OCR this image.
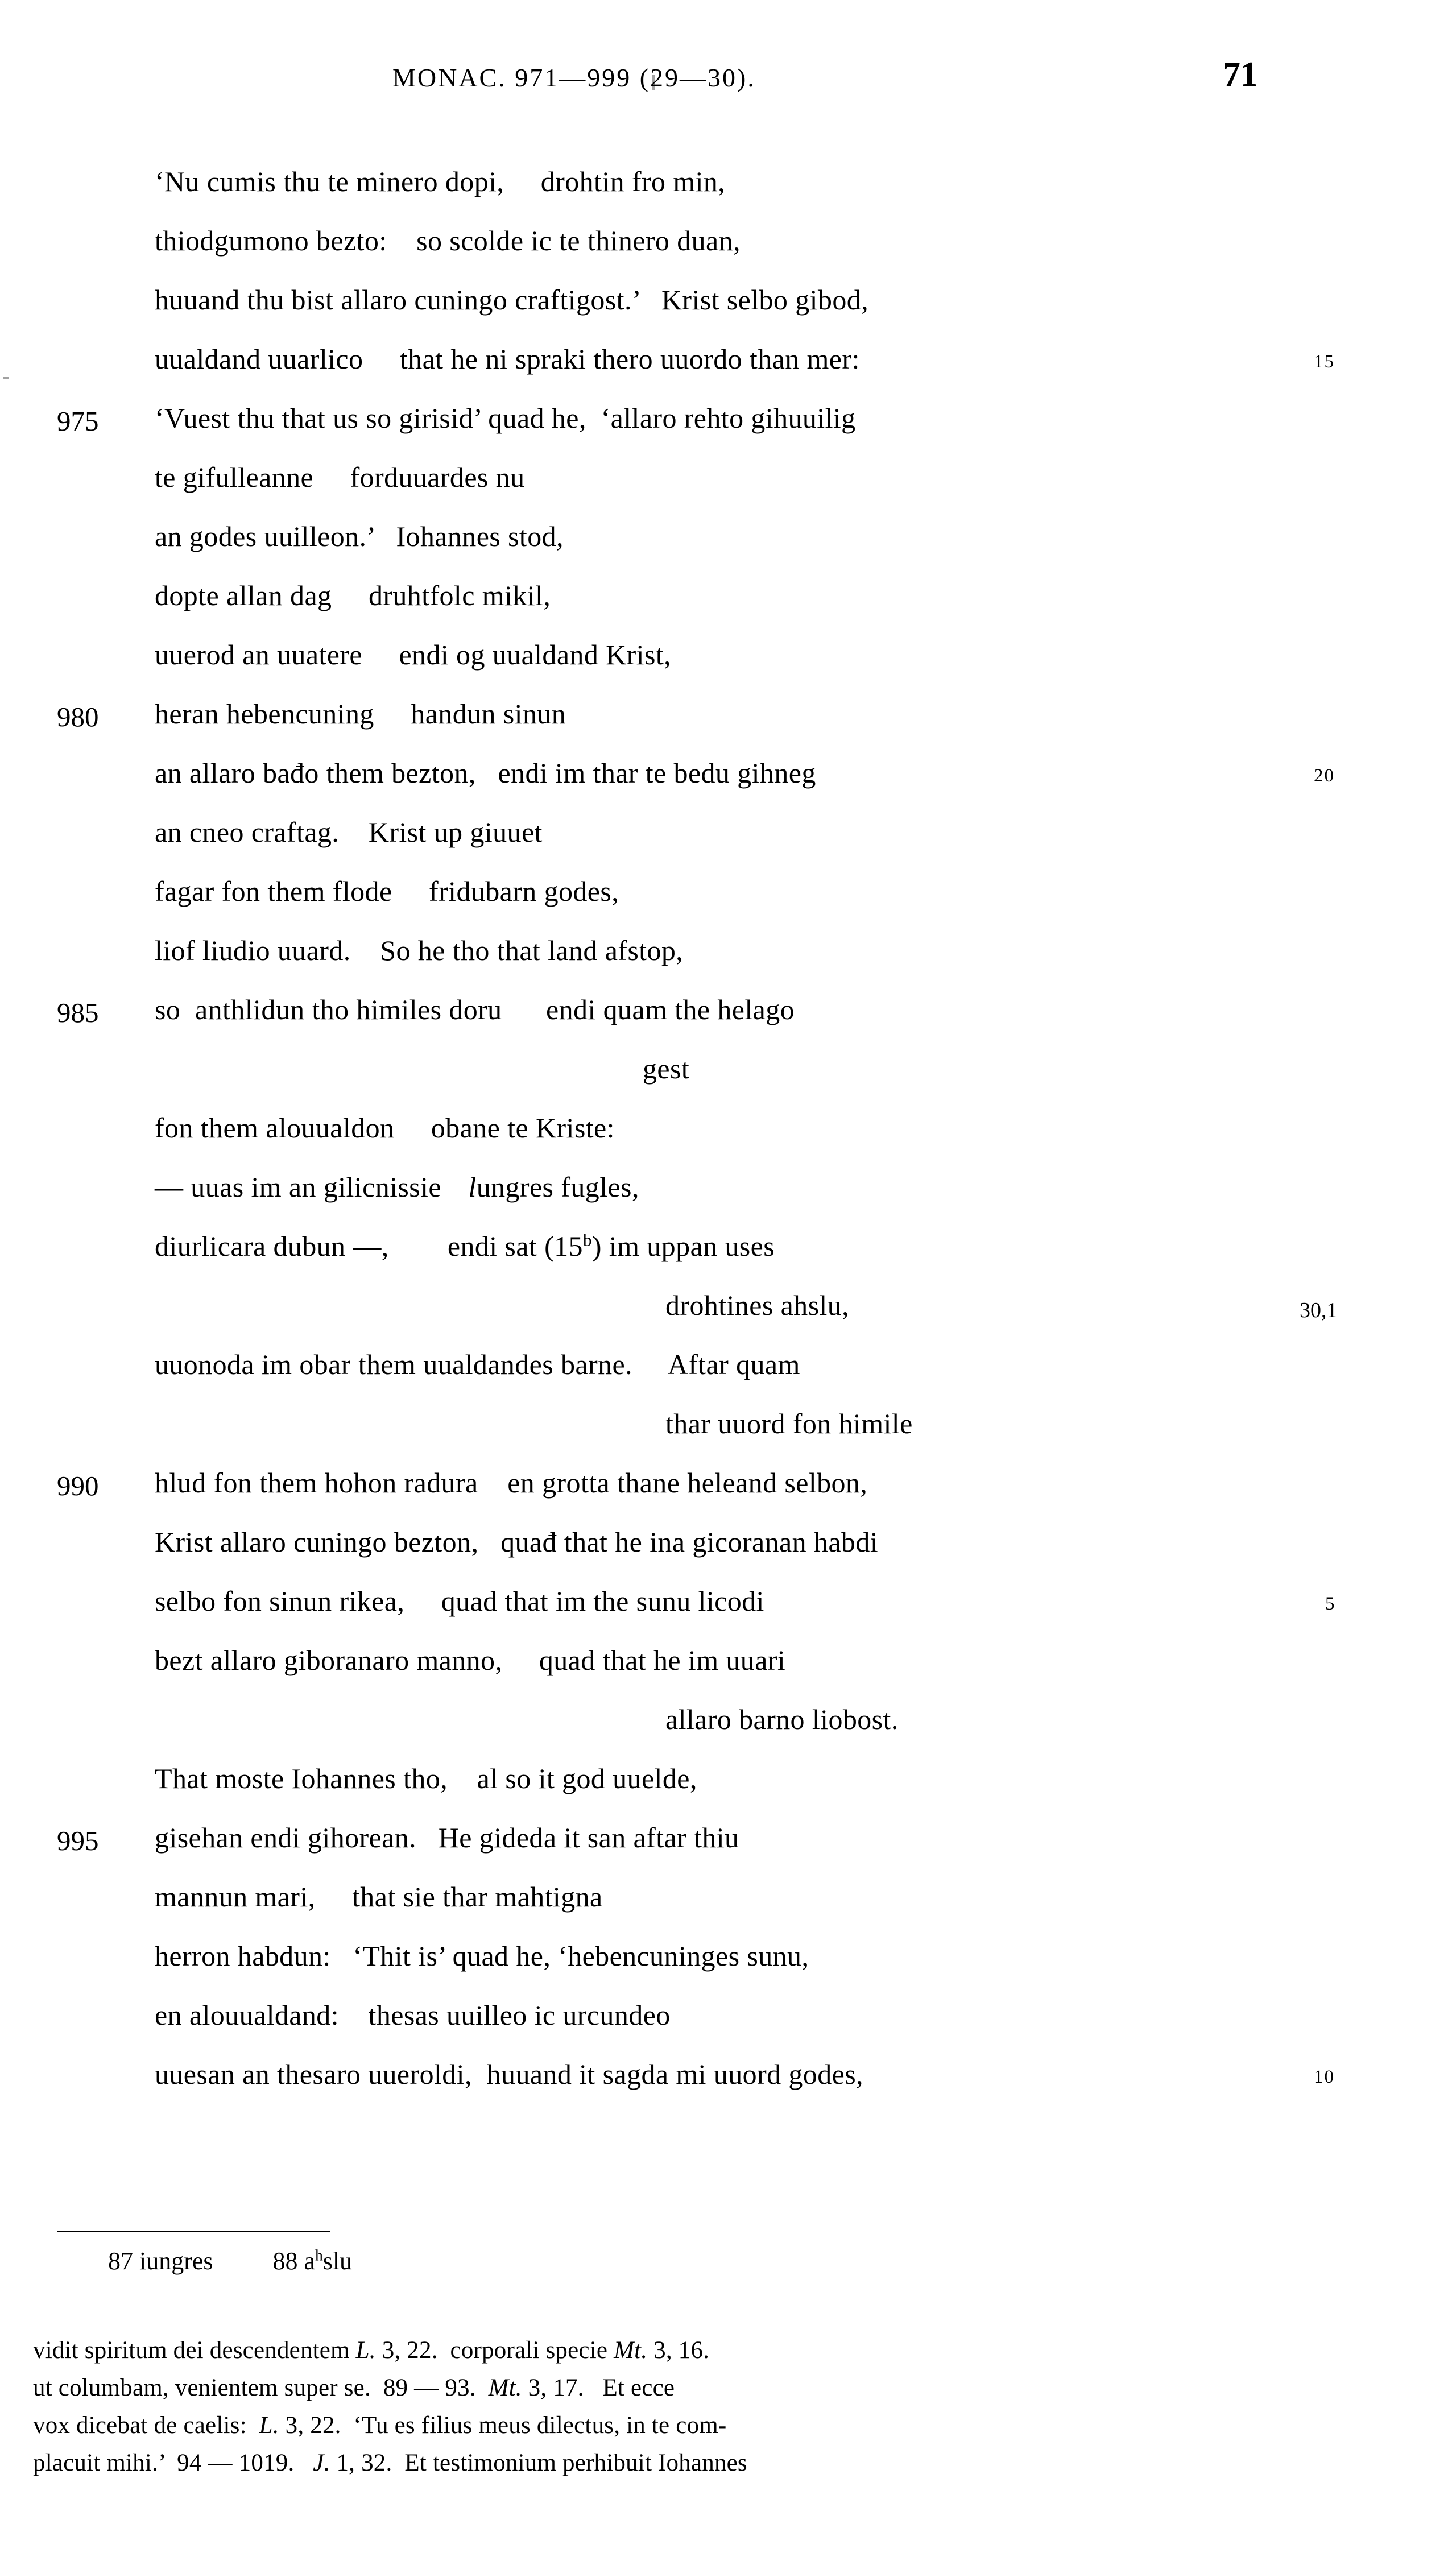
MONAC. 971—999 (29—30).	71
‘Nu cumis thu te minero dopi,     drohtin fro min,
thiodgumono bezto:    so scolde ic te thinero duan,
huuand thu bist allaro cuningo craftigost.’   Krist selbo gibod,
uualdand uuarlico     that he ni spraki thero uuordo than mer:	15
975	‘Vuest thu that us so girisid’ quad he,  ‘allaro rehto gihuuilig
te gifulleanne     forduuardes nu
an godes uuilleon.’   Iohannes stod,
dopte allan dag     druhtfolc mikil,
uuerod an uuatere     endi og uualdand Krist,
980	heran hebencuning     handun sinun
an allaro bađo them bezton,   endi im thar te bedu gihneg	20
an cneo craftag.    Krist up giuuet
fagar fon them flode     fridubarn godes,
liof liudio uuard.    So he tho that land afstop,
985	so  anthlidun tho himiles doru      endi quam the helago
gest
fon them alouualdon     obane te Kriste:
— uuas im an gilicnissie    lungres fugles,
diurlicara dubun —,        endi sat (15$^b$) im uppan uses
drohtines ahslu,	30,1
uuonoda im obar them uualdandes barne.     Aftar quam
thar uuord fon himile
990	hlud fon them hohon radura    en grotta thane heleand selbon,
Krist allaro cuningo bezton,   quađ that he ina gicoranan habdi
selbo fon sinun rikea,     quad that im the sunu licodi	5
bezt allaro giboranaro manno,     quad that he im uuari
allaro barno liobost.
That moste Iohannes tho,    al so it god uuelde,
995	gisehan endi gihorean.   He gideda it san aftar thiu
mannun mari,     that sie thar mahtigna
herron habdun:   ‘Thit is’ quad he, ‘hebencuninges sunu,
en alouualdand:    thesas uuilleo ic urcundeo
uuesan an thesaro uueroldi,  huuand it sagda mi uuord godes,	10
87 iungres 88 $a^hslu$
vidit spiritum dei descendentem L. 3, 22.  corporali specie Mt. 3, 16.
ut columbam, venientem super se.  89 — 93.  Mt. 3, 17.   Et ecce
vox dicebat de caelis:  L. 3, 22.  ‘Tu es filius meus dilectus, in te com-
placuit mihi.’  94 — 1019.   J. 1, 32.  Et testimonium perhibuit Iohannes
